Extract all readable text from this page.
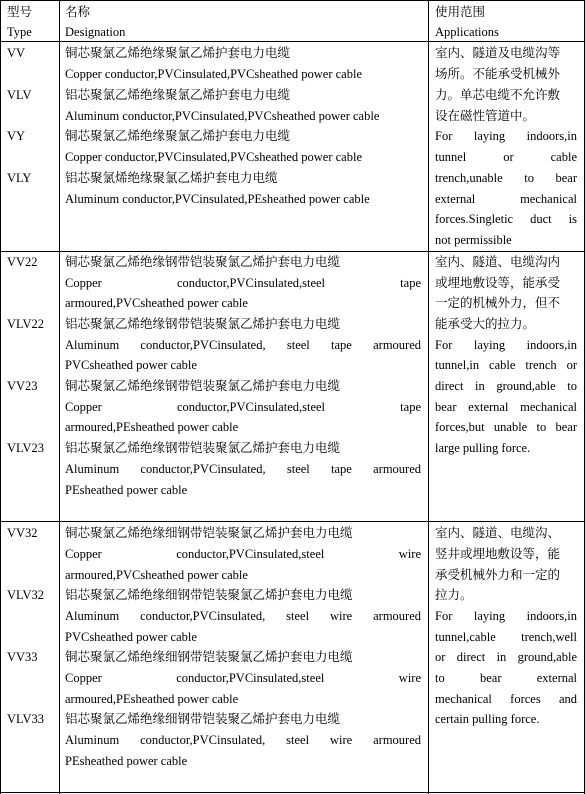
型号
Type
名称
Designation
使用范围
Applications
VV
VLV
VY
VLY
铜芯聚氯乙烯绝缘聚氯乙烯护套电力电缆
Copper conductor,PVCinsulated,PVCsheathed power cable
铝芯聚氯乙烯绝缘聚氯乙烯护套电力电缆
Aluminum conductor,PVCinsulated,PVCsheathed power cable
铜芯聚氯乙烯绝缘聚氯乙烯护套电力电缆
Copper conductor,PVCinsulated,PVCsheathed power cable
铝芯聚氯烯绝缘聚氯乙烯护套电力电缆
Aluminum conductor,PVCinsulated,PEsheathed power cable
室内、隧道及电缆沟等
场所。不能承受机械外
力。单芯电缆不允许敷
设在磁性管道中。
For laying indoors,in
tunnel or cable
trench,unable to bear
external mechanical
forces.Singletic duct is
not permissible
VV22
VLV22
VV23
VLV23
铜芯聚氯乙烯绝缘钢带铠装聚氯乙烯护套电力电缆
Copper conductor,PVCinsulated,steel tape
armoured,PVCsheathed power cable
铝芯聚氯乙烯绝缘钢带铠装聚氯乙烯护套电力电缆
Aluminum conductor,PVCinsulated, steel tape armoured
PVCsheathed power cable
铜芯聚氯乙烯绝缘钢带铠装聚氯乙烯护套电力电缆
Copper conductor,PVCinsulated,steel tape
armoured,PEsheathed power cable
铝芯聚氯乙烯绝缘钢带铠装聚氯乙烯护套电力电缆
Aluminum conductor,PVCinsulated, steel tape armoured
PEsheathed power cable
室内、隧道、电缆沟内
或埋地敷设等，能承受
一定的机械外力，但不
能承受大的拉力。
For laying indoors,in
tunnel,in cable trench or
direct in ground,able to
bear external mechanical
forces,but unable to bear
large pulling force.
VV32
VLV32
VV33
VLV33
铜芯聚氯乙烯绝缘细钢带铠装聚氯乙烯护套电力电缆
Copper conductor,PVCinsulated,steel wire
armoured,PVCsheathed power cable
铝芯聚氯乙烯绝缘细钢带铠装聚氯乙烯护套电力电缆
Aluminum conductor,PVCinsulated, steel wire armoured
PVCsheathed power cable
铜芯聚氯乙烯绝缘细钢带铠装聚氯乙烯护套电力电缆
Copper conductor,PVCinsulated,steel wire
armoured,PEsheathed power cable
铝芯聚氯乙烯绝缘细钢带铠装聚乙烯护套电力电缆
Aluminum conductor,PVCinsulated, steel wire armoured
PEsheathed power cable
室内、隧道、电缆沟、
竖井或埋地敷设等，能
承受机械外力和一定的
拉力。
For laying indoors,in
tunnel,cable trench,well
or direct in ground,able
to bear external
mechanical forces and
certain pulling force.
